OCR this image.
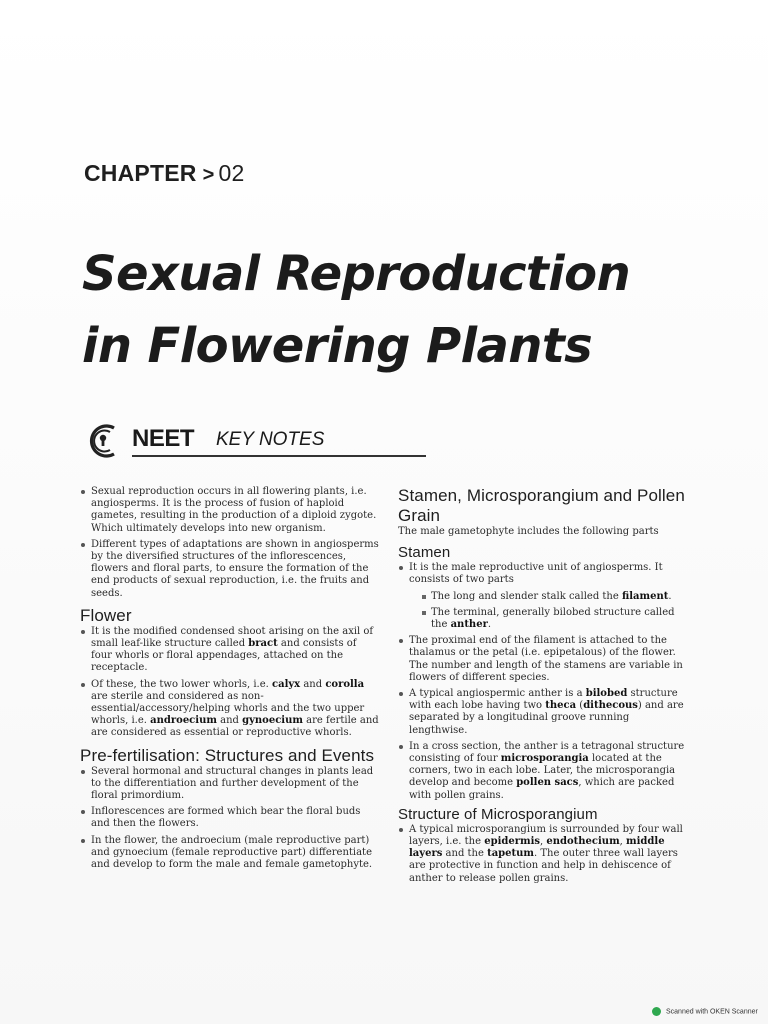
CHAPTER > 02
Sexual Reproduction
in Flowering Plants
NEET KEY NOTES
Sexual reproduction occurs in all flowering plants, i.e. angiosperms. It is the process of fusion of haploid gametes, resulting in the production of a diploid zygote. Which ultimately develops into new organism.
Different types of adaptations are shown in angiosperms by the diversified structures of the inflorescences, flowers and floral parts, to ensure the formation of the end products of sexual reproduction, i.e. the fruits and seeds.
Flower
It is the modified condensed shoot arising on the axil of small leaf-like structure called bract and consists of four whorls or floral appendages, attached on the receptacle.
Of these, the two lower whorls, i.e. calyx and corolla are sterile and considered as non-essential/accessory/helping whorls and the two upper whorls, i.e. androecium and gynoecium are fertile and are considered as essential or reproductive whorls.
Pre-fertilisation: Structures and Events
Several hormonal and structural changes in plants lead to the differentiation and further development of the floral primordium.
Inflorescences are formed which bear the floral buds and then the flowers.
In the flower, the androecium (male reproductive part) and gynoecium (female reproductive part) differentiate and develop to form the male and female gametophyte.
Stamen, Microsporangium and Pollen Grain

The male gametophyte includes the following parts

Stamen
It is the male reproductive unit of angiosperms. It consists of two parts
The long and slender stalk called the filament.
The terminal, generally bilobed structure called the anther.
The proximal end of the filament is attached to the thalamus or the petal (i.e. epipetalous) of the flower. The number and length of the stamens are variable in flowers of different species.
A typical angiospermic anther is a bilobed structure with each lobe having two theca (dithecous) and are separated by a longitudinal groove running lengthwise.
In a cross section, the anther is a tetragonal structure consisting of four microsporangia located at the corners, two in each lobe. Later, the microsporangia develop and become pollen sacs, which are packed with pollen grains.
Structure of Microsporangium
A typical microsporangium is surrounded by four wall layers, i.e. the epidermis, endothecium, middle layers and the tapetum. The outer three wall layers are protective in function and help in dehiscence of anther to release pollen grains.
Scanned with OKEN Scanner
